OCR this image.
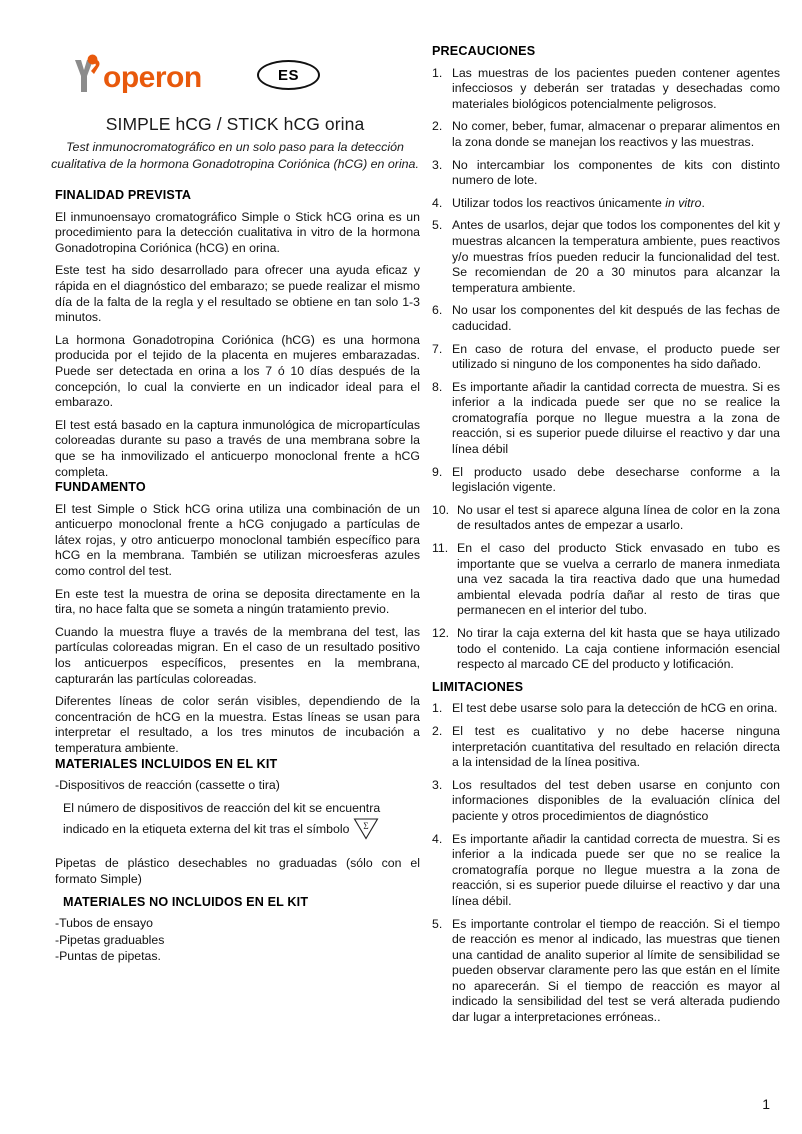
operon	ES
SIMPLE hCG / STICK hCG orina
Test inmunocromatográfico en un solo paso para la detección cualitativa de la hormona Gonadotropina Coriónica (hCG) en orina.
FINALIDAD PREVISTA

El inmunoensayo cromatográfico Simple o Stick hCG orina es un procedimiento para la detección cualitativa in vitro de la hormona Gonadotropina Coriónica (hCG) en orina.

Este test ha sido desarrollado para ofrecer una ayuda eficaz y rápida en el diagnóstico del embarazo; se puede realizar el mismo día de la falta de la regla y el resultado se obtiene en tan solo 1-3 minutos.

La hormona Gonadotropina Coriónica (hCG) es una hormona producida por el tejido de la placenta en mujeres embarazadas. Puede ser detectada en orina a los 7 ó 10 días después de la concepción, lo cual la convierte en un indicador ideal para el embarazo.

El test está basado en la captura inmunológica de micropartículas coloreadas durante su paso a través de una membrana sobre la que se ha inmovilizado el anticuerpo monoclonal frente a hCG completa.

FUNDAMENTO

El test Simple o Stick hCG orina utiliza una combinación de un anticuerpo monoclonal frente a hCG conjugado a partículas de látex rojas, y otro anticuerpo monoclonal también específico para hCG en la membrana. También se utilizan microesferas azules como control del test.

En este test la muestra de orina se deposita directamente en la tira, no hace falta que se someta a ningún tratamiento previo.

Cuando la muestra fluye a través de la membrana del test, las partículas coloreadas migran. En el caso de un resultado positivo los anticuerpos específicos, presentes en la membrana, capturarán las partículas coloreadas.

Diferentes líneas de color serán visibles, dependiendo de la concentración de hCG en la muestra. Estas líneas se usan para interpretar el resultado, a los tres minutos de incubación a temperatura ambiente.

MATERIALES INCLUIDOS EN EL KIT

-Dispositivos de reacción (cassette o tira)

El número de dispositivos de reacción del kit se encuentra

indicado en la etiqueta externa del kit tras el símbolo Σ

Pipetas de plástico desechables no graduadas (sólo con el formato Simple)

MATERIALES NO INCLUIDOS EN EL KIT
-Tubos de ensayo
-Pipetas graduables
-Puntas de pipetas.
PRECAUCIONES
1. Las muestras de los pacientes pueden contener agentes infecciosos y deberán ser tratadas y desechadas como materiales biológicos potencialmente peligrosos.
2. No comer, beber, fumar, almacenar o preparar alimentos en la zona donde se manejan los reactivos y las muestras.
3. No intercambiar los componentes de kits con distinto numero de lote.
4. Utilizar todos los reactivos únicamente in vitro.
5. Antes de usarlos, dejar que todos los componentes del kit y muestras alcancen la temperatura ambiente, pues reactivos y/o muestras fríos pueden reducir la funcionalidad del test. Se recomiendan de 20 a 30 minutos para alcanzar la temperatura ambiente.
6. No usar los componentes del kit después de las fechas de caducidad.
7. En caso de rotura del envase, el producto puede ser utilizado si ninguno de los componentes ha sido dañado.
8. Es importante añadir la cantidad correcta de muestra. Si es inferior a la indicada puede ser que no se realice la cromatografía porque no llegue muestra a la zona de reacción, si es superior puede diluirse el reactivo y dar una línea débil
9. El producto usado debe desecharse conforme a la legislación vigente.
10. No usar el test si aparece alguna línea de color en la zona de resultados antes de empezar a usarlo.
11. En el caso del producto Stick envasado en tubo es importante que se vuelva a cerrarlo de manera inmediata una vez sacada la tira reactiva dado que una humedad ambiental elevada podría dañar al resto de tiras que permanecen en el interior del tubo.
12. No tirar la caja externa del kit hasta que se haya utilizado todo el contenido. La caja contiene información esencial respecto al marcado CE del producto y lotificación.
LIMITACIONES
1. El test debe usarse solo para la detección de hCG en orina.
2. El test es cualitativo y no debe hacerse ninguna interpretación cuantitativa del resultado en relación directa a la intensidad de la línea positiva.
3. Los resultados del test deben usarse en conjunto con informaciones disponibles de la evaluación clínica del paciente y otros procedimientos de diagnóstico
4. Es importante añadir la cantidad correcta de muestra. Si es inferior a la indicada puede ser que no se realice la cromatografía porque no llegue muestra a la zona de reacción, si es superior puede diluirse el reactivo y dar una línea débil.
5. Es importante controlar el tiempo de reacción. Si el tiempo de reacción es menor al indicado, las muestras que tienen una cantidad de analito superior al límite de sensibilidad se pueden observar claramente pero las que están en el límite no aparecerán. Si el tiempo de reacción es mayor al indicado la sensibilidad del test se verá alterada pudiendo dar lugar a interpretaciones erróneas..
1
